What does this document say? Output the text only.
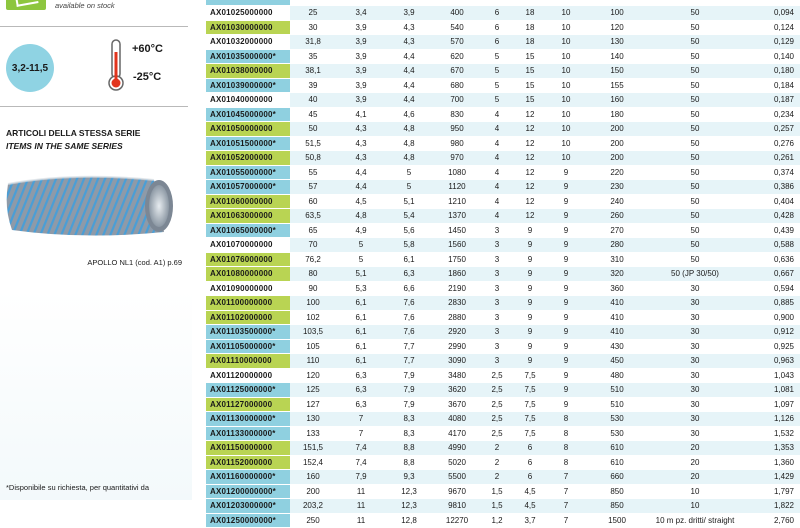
available on stock
3,2-11,5
+60°C
-25°C
ARTICOLI DELLA STESSA SERIE
ITEMS IN THE SAME SERIES
APOLLO NL1 (cod. A1) p.69
*Disponibile su richiesta, per quantitativi da

AX01025000000	25	3,4	3,9	400	6	18	10	100	50	0,094
AX01030000000	30	3,9	4,3	540	6	18	10	120	50	0,124
AX01032000000	31,8	3,9	4,3	570	6	18	10	130	50	0,129
AX01035000000*	35	3,9	4,4	620	5	15	10	140	50	0,140
AX01038000000	38,1	3,9	4,4	670	5	15	10	150	50	0,180
AX01039000000*	39	3,9	4,4	680	5	15	10	155	50	0,184
AX01040000000	40	3,9	4,4	700	5	15	10	160	50	0,187
AX01045000000*	45	4,1	4,6	830	4	12	10	180	50	0,234
AX01050000000	50	4,3	4,8	950	4	12	10	200	50	0,257
AX01051500000*	51,5	4,3	4,8	980	4	12	10	200	50	0,276
AX01052000000	50,8	4,3	4,8	970	4	12	10	200	50	0,261
AX01055000000*	55	4,4	5	1080	4	12	9	220	50	0,374
AX01057000000*	57	4,4	5	1120	4	12	9	230	50	0,386
AX01060000000	60	4,5	5,1	1210	4	12	9	240	50	0,404
AX01063000000	63,5	4,8	5,4	1370	4	12	9	260	50	0,428
AX01065000000*	65	4,9	5,6	1450	3	9	9	270	50	0,439
AX01070000000	70	5	5,8	1560	3	9	9	280	50	0,588
AX01076000000	76,2	5	6,1	1750	3	9	9	310	50	0,636
AX01080000000	80	5,1	6,3	1860	3	9	9	320	50 (JP 30/50)	0,667
AX01090000000	90	5,3	6,6	2190	3	9	9	360	30	0,594
AX01100000000	100	6,1	7,6	2830	3	9	9	410	30	0,885
AX01102000000	102	6,1	7,6	2880	3	9	9	410	30	0,900
AX01103500000*	103,5	6,1	7,6	2920	3	9	9	410	30	0,912
AX01105000000*	105	6,1	7,7	2990	3	9	9	430	30	0,925
AX01110000000	110	6,1	7,7	3090	3	9	9	450	30	0,963
AX01120000000	120	6,3	7,9	3480	2,5	7,5	9	480	30	1,043
AX01125000000*	125	6,3	7,9	3620	2,5	7,5	9	510	30	1,081
AX01127000000	127	6,3	7,9	3670	2,5	7,5	9	510	30	1,097
AX01130000000*	130	7	8,3	4080	2,5	7,5	8	530	30	1,126
AX01133000000*	133	7	8,3	4170	2,5	7,5	8	530	30	1,532
AX01150000000	151,5	7,4	8,8	4990	2	6	8	610	20	1,353
AX01152000000	152,4	7,4	8,8	5020	2	6	8	610	20	1,360
AX01160000000*	160	7,9	9,3	5500	2	6	7	660	20	1,429
AX01200000000*	200	11	12,3	9670	1,5	4,5	7	850	10	1,797
AX01203000000*	203,2	11	12,3	9810	1,5	4,5	7	850	10	1,822
AX01250000000*	250	11	12,8	12270	1,2	3,7	7	1500	10 m pz. dritti/ straight	2,760
